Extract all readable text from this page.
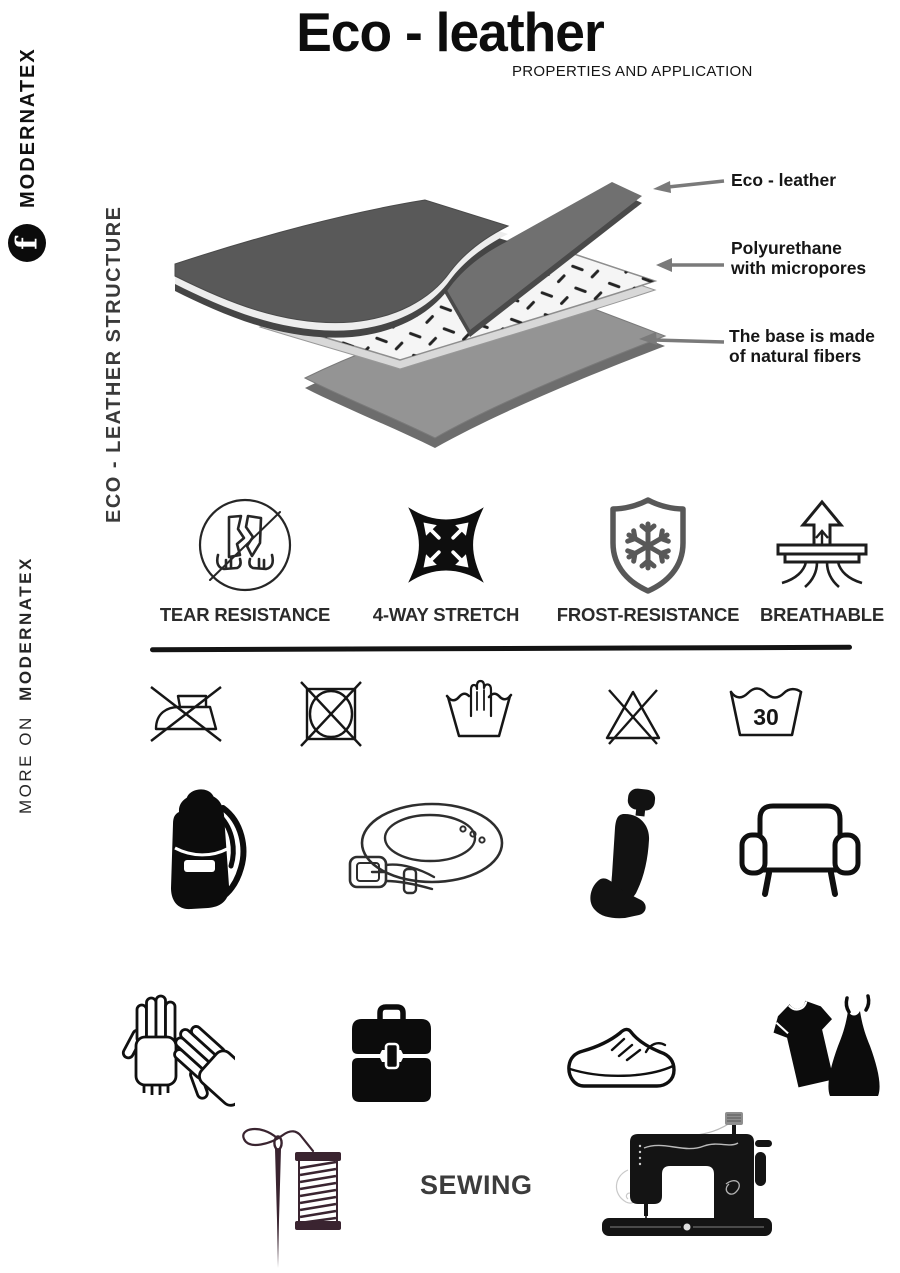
Eco - leather
PROPERTIES AND APPLICATION
MODERNATEX
f	ECO - LEATHER STRUCTURE
MORE ON  MODERNATEX
Eco - leather
Polyurethane
with micropores
The base is made
of natural fibers
TEAR RESISTANCE 4-WAY STRETCH FROST-RESISTANCE BREATHABLE
30
SEWING
